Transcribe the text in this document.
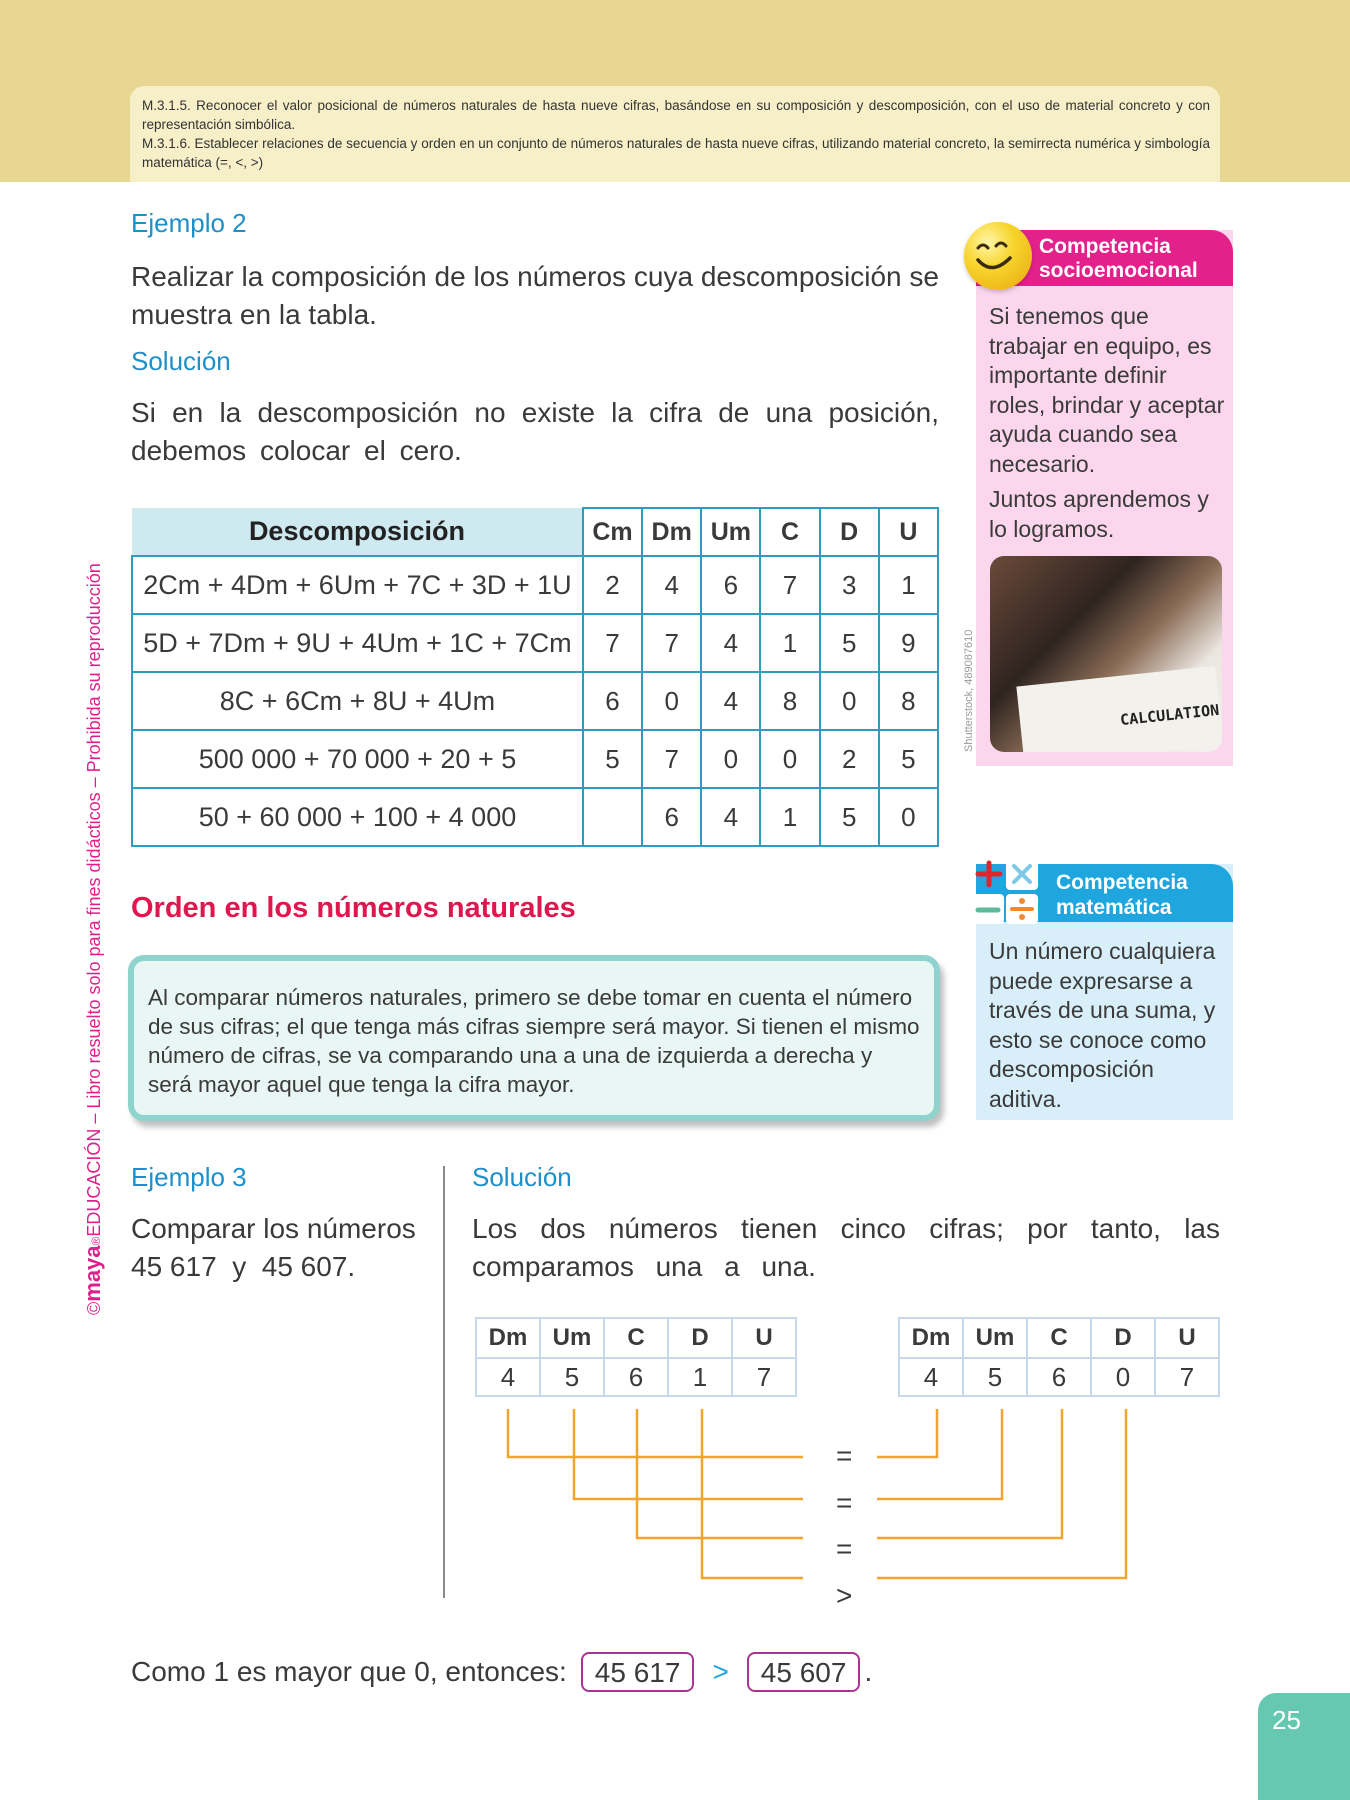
M.3.1.5. Reconocer el valor posicional de números naturales de hasta nueve cifras, basándose en su composición y descomposición, con el uso de material concreto y con representación simbólica.

M.3.1.6. Establecer relaciones de secuencia y orden en un conjunto de números naturales de hasta nueve cifras, utilizando material concreto, la semirrecta numérica y simbología matemática (=, <, >)

©maya®EDUCACIÓN – Libro resuelto solo para fines didácticos – Prohibida su reproducción
Ejemplo 2
Realizar la composición de los números cuya descomposición se muestra en la tabla.
Solución
Si en la descomposición no existe la cifra de una posición, debemos colocar el cero.
Descomposición	Cm	Dm	Um	C	D	U
2Cm + 4Dm + 6Um + 7C + 3D + 1U	2	4	6	7	3	1
5D + 7Dm + 9U + 4Um + 1C + 7Cm	7	7	4	1	5	9
8C + 6Cm + 8U + 4Um	6	0	4	8	0	8
500 000 + 70 000 + 20 + 5	5	7	0	0	2	5
50 + 60 000 + 100 + 4 000		6	4	1	5	0
Competencia
socioemocional
Si tenemos que trabajar en equipo, es importante definir roles, brindar y aceptar ayuda cuando sea necesario.
Juntos aprendemos y lo logramos.
CALCULATION
Shutterstock, 489087610
Orden en los números naturales
Al comparar números naturales, primero se debe tomar en cuenta el número de sus cifras; el que tenga más cifras siempre será mayor. Si tienen el mismo número de cifras, se va comparando una a una de izquierda a derecha y será mayor aquel que tenga la cifra mayor.
Competencia
matemática
Un número cualquiera puede expresarse a través de una suma, y esto se conoce como descomposición aditiva.
Ejemplo 3
Comparar los números
45 617  y  45 607.
Solución
Los dos números tienen cinco cifras; por tanto, las comparamos una a una.
Dm	Um	C	D	U
4	5	6	1	7
Dm	Um	C	D	U
4	5	6	0	7
=
=
=
>
Como 1 es mayor que 0, entonces:	45 617	>	45 607 .
25
